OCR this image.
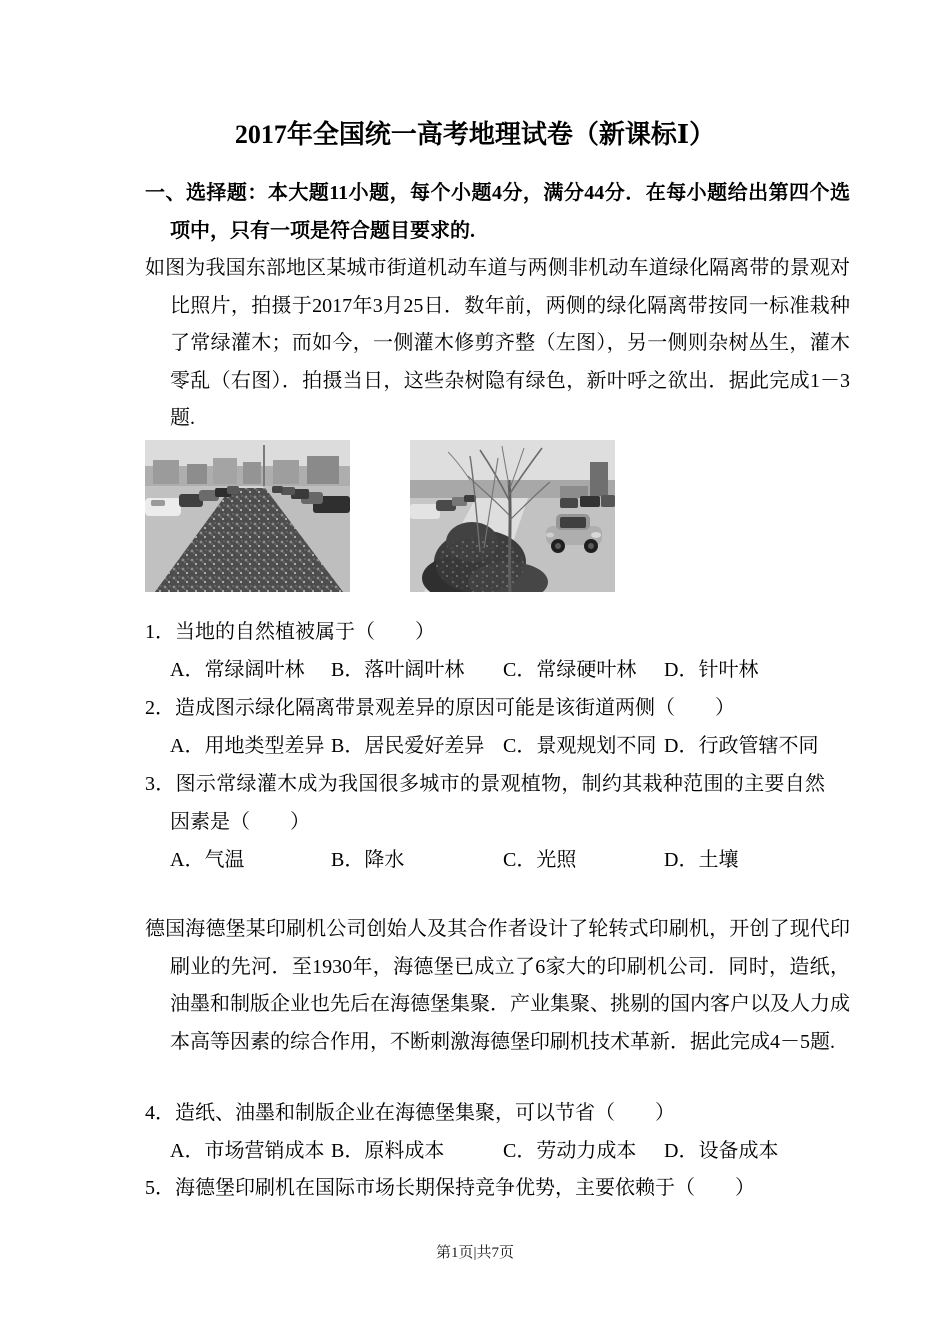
2017年全国统一高考地理试卷（新课标Ⅰ）
一、选择题：本大题11小题，每个小题4分，满分44分．在每小题给出第四个选项中，只有一项是符合题目要求的.
如图为我国东部地区某城市街道机动车道与两侧非机动车道绿化隔离带的景观对比照片，拍摄于2017年3月25日．数年前，两侧的绿化隔离带按同一标准栽种了常绿灌木；而如今，一侧灌木修剪齐整（左图），另一侧则杂树丛生，灌木零乱（右图）．拍摄当日，这些杂树隐有绿色，新叶呼之欲出．据此完成1－3题.
1．当地的自然植被属于（　　）
A．常绿阔叶林	B．落叶阔叶林	C．常绿硬叶林	D．针叶林
2．造成图示绿化隔离带景观差异的原因可能是该街道两侧（　　）
A．用地类型差异 B．居民爱好差异 C．景观规划不同 D．行政管辖不同
3．图示常绿灌木成为我国很多城市的景观植物，制约其栽种范围的主要自然因素是（　　）
A．气温	B．降水	C．光照	D．土壤
德国海德堡某印刷机公司创始人及其合作者设计了轮转式印刷机，开创了现代印刷业的先河．至1930年，海德堡已成立了6家大的印刷机公司．同时，造纸，油墨和制版企业也先后在海德堡集聚．产业集聚、挑剔的国内客户以及人力成本高等因素的综合作用，不断刺激海德堡印刷机技术革新．据此完成4－5题.
4．造纸、油墨和制版企业在海德堡集聚，可以节省（　　）
A．市场营销成本 B．原料成本	C．劳动力成本	D．设备成本
5．海德堡印刷机在国际市场长期保持竞争优势，主要依赖于（　　）
第1页|共7页
